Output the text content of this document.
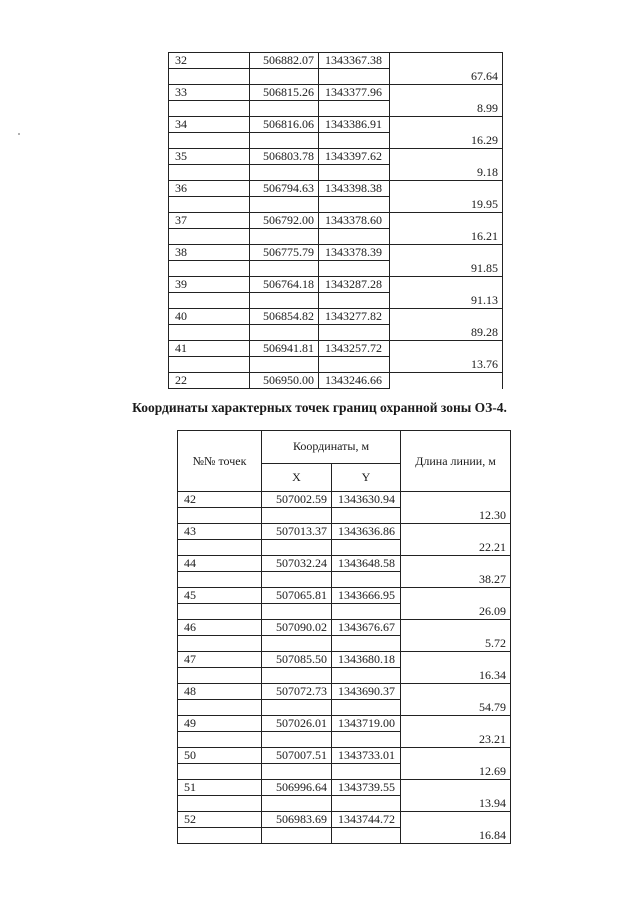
32	506882.07	1343367.38	
			67.64
33	506815.26	1343377.96	
			8.99
34	506816.06	1343386.91	
			16.29
35	506803.78	1343397.62	
			9.18
36	506794.63	1343398.38	
			19.95
37	506792.00	1343378.60	
			16.21
38	506775.79	1343378.39	
			91.85
39	506764.18	1343287.28	
			91.13
40	506854.82	1343277.82	
			89.28
41	506941.81	1343257.72	
			13.76
22	506950.00	1343246.66	
Координаты характерных точек границ охранной зоны ОЗ-4.
№№ точек	Координаты, м		Длина линии, м
	X	Y	
42	507002.59	1343630.94	
			12.30
43	507013.37	1343636.86	
			22.21
44	507032.24	1343648.58	
			38.27
45	507065.81	1343666.95	
			26.09
46	507090.02	1343676.67	
			5.72
47	507085.50	1343680.18	
			16.34
48	507072.73	1343690.37	
			54.79
49	507026.01	1343719.00	
			23.21
50	507007.51	1343733.01	
			12.69
51	506996.64	1343739.55	
			13.94
52	506983.69	1343744.72	
			16.84
